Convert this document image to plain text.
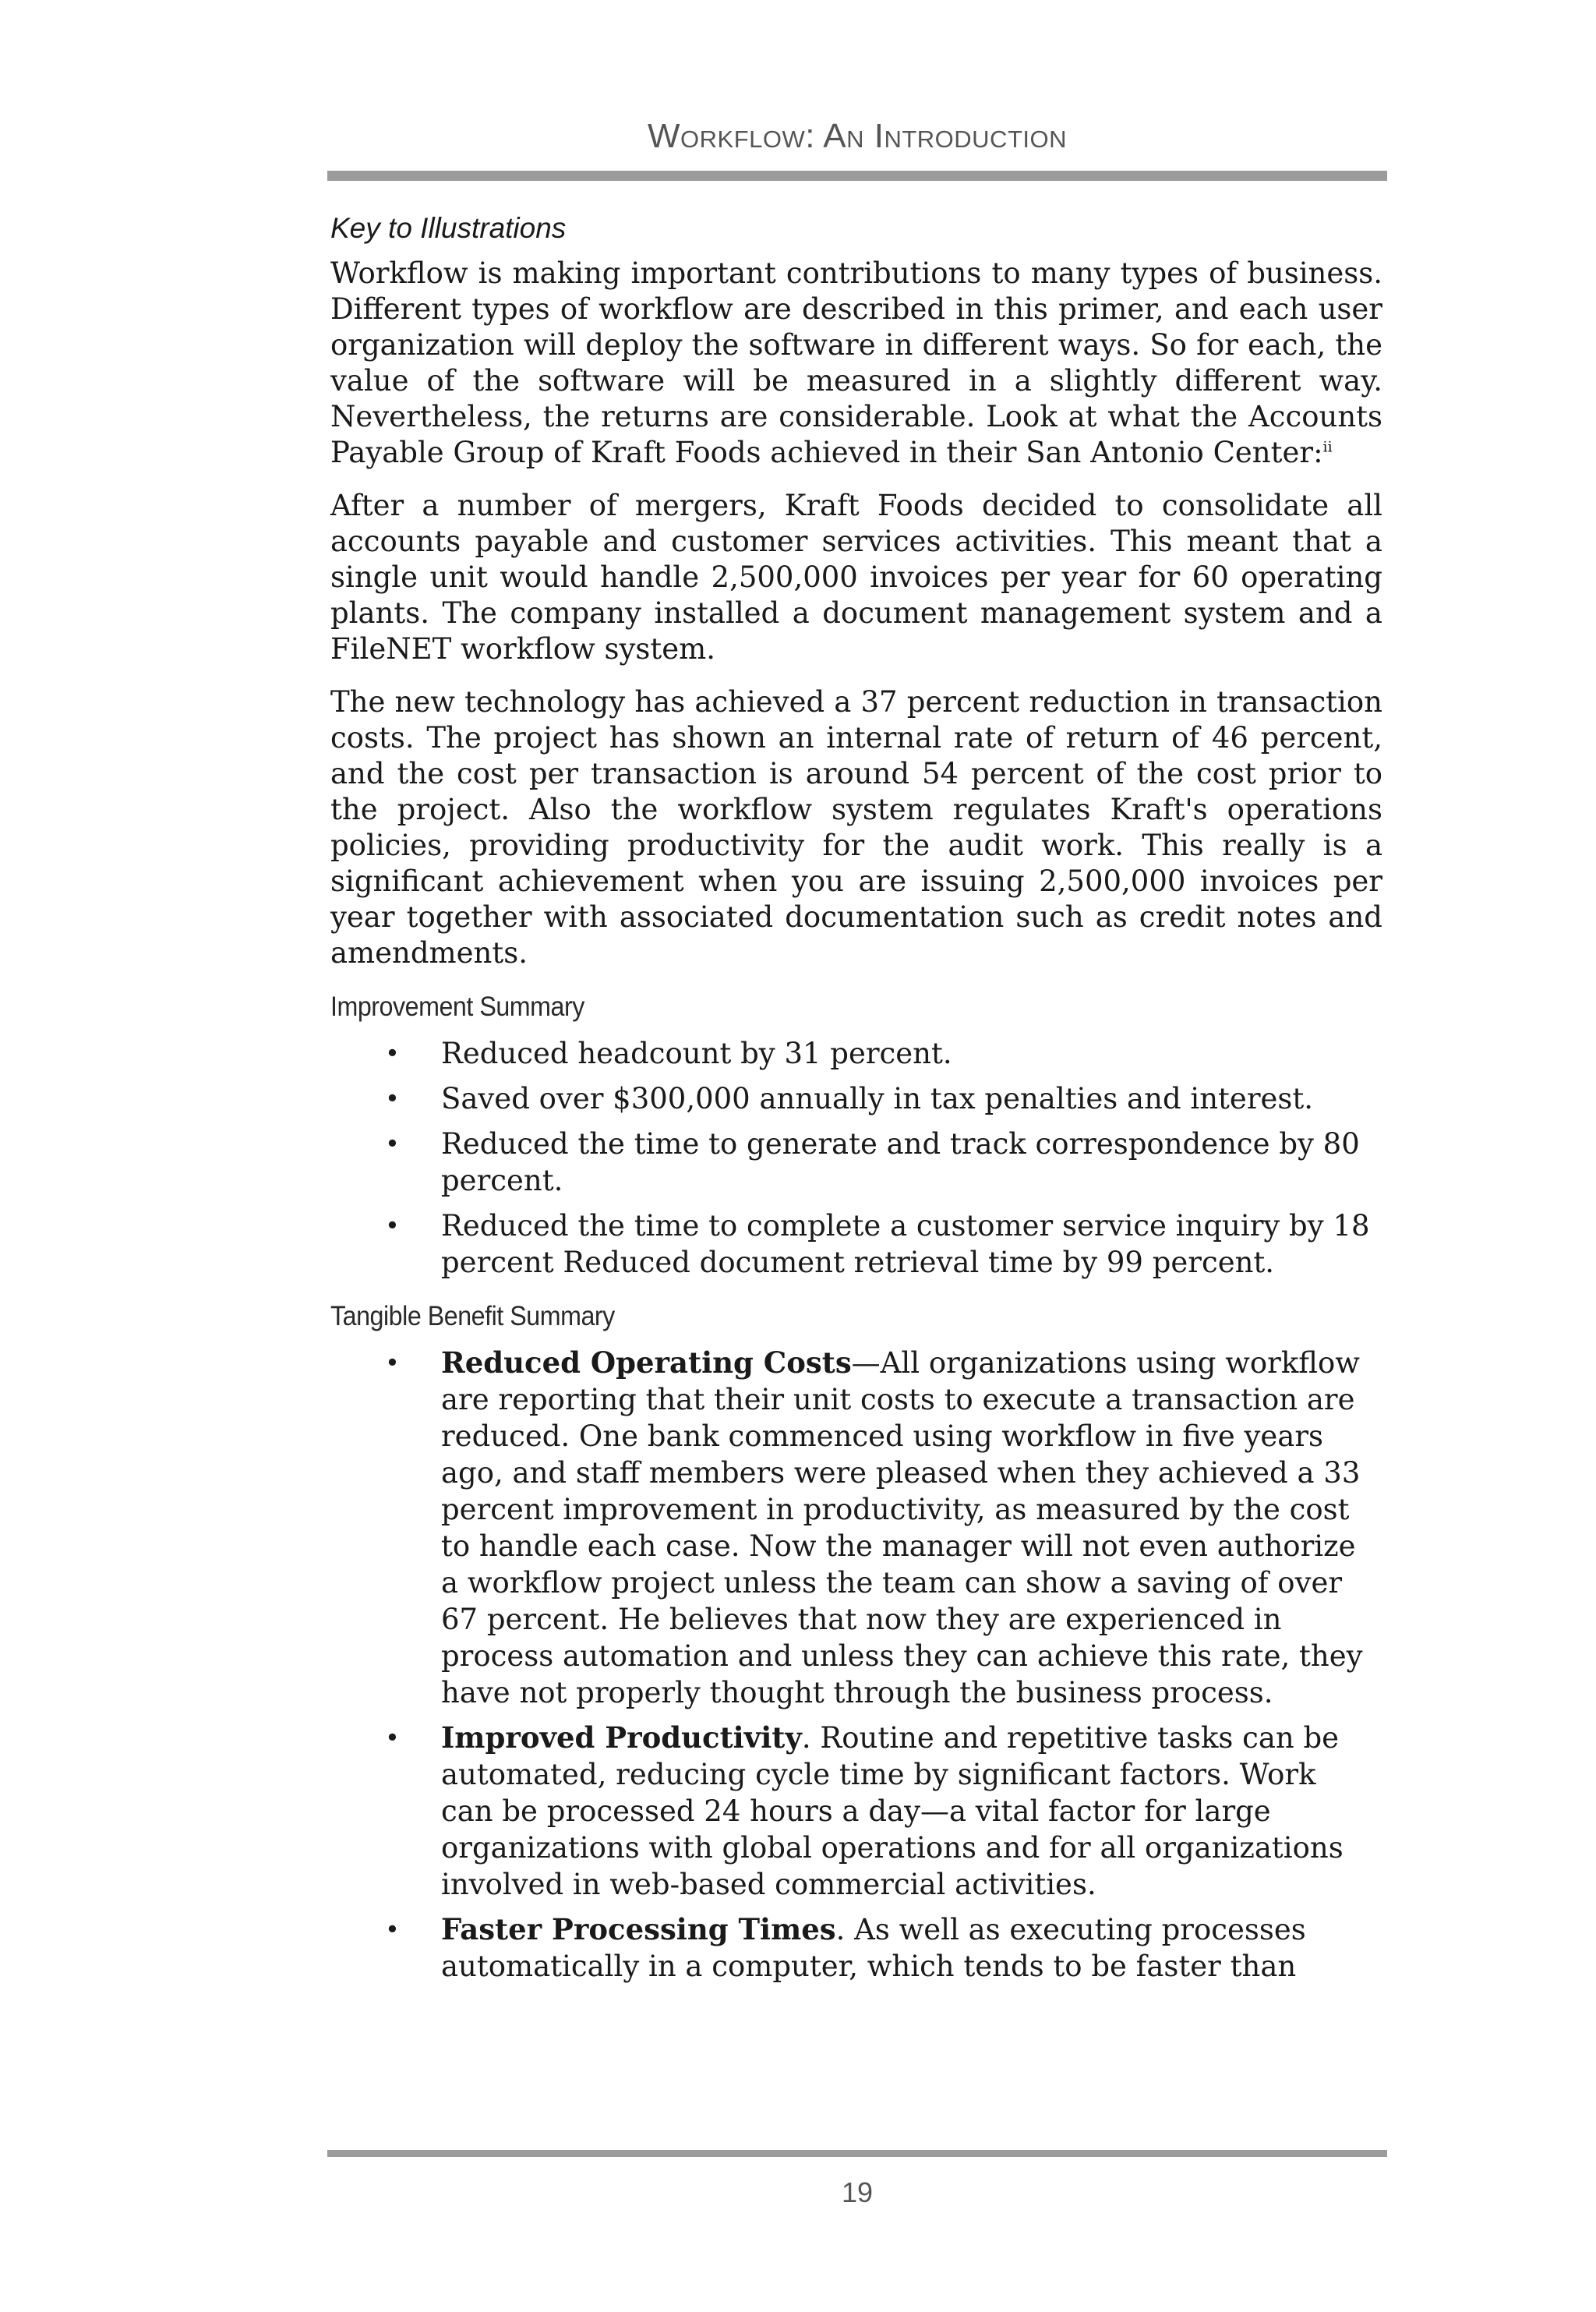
Workflow: An Introduction
Key to Illustrations

Workflow is making important contributions to many types of business. Different types of workflow are described in this primer, and each user organization will deploy the software in different ways. So for each, the value of the software will be measured in a slightly different way. Nevertheless, the returns are considerable. Look at what the Accounts Payable Group of Kraft Foods achieved in their San Antonio Center:$^{ii}$

After a number of mergers, Kraft Foods decided to consolidate all accounts payable and customer services activities. This meant that a single unit would handle 2,500,000 invoices per year for 60 operating plants. The company installed a document management system and a FileNET workflow system.

The new technology has achieved a 37 percent reduction in transaction costs. The project has shown an internal rate of return of 46 percent, and the cost per transaction is around 54 percent of the cost prior to the project. Also the workflow system regulates Kraft's operations policies, providing productivity for the audit work. This really is a significant achievement when you are issuing 2,500,000 invoices per year together with associated documentation such as credit notes and amendments.

Improvement Summary
• Reduced headcount by 31 percent.
• Saved over $300,000 annually in tax penalties and interest.
• Reduced the time to generate and track correspondence by 80 percent.
• Reduced the time to complete a customer service inquiry by 18 percent Reduced document retrieval time by 99 percent.
Tangible Benefit Summary
• Reduced Operating Costs—All organizations using workflow are reporting that their unit costs to execute a transaction are reduced. One bank commenced using workflow in five years ago, and staff members were pleased when they achieved a 33 percent improvement in productivity, as measured by the cost to handle each case. Now the manager will not even authorize a workflow project unless the team can show a saving of over 67 percent. He believes that now they are experienced in process automation and unless they can achieve this rate, they have not properly thought through the business process.
• Improved Productivity. Routine and repetitive tasks can be automated, reducing cycle time by significant factors. Work can be processed 24 hours a day—a vital factor for large organizations with global operations and for all organizations involved in web-based commercial activities.
• Faster Processing Times. As well as executing processes automatically in a computer, which tends to be faster than
19
